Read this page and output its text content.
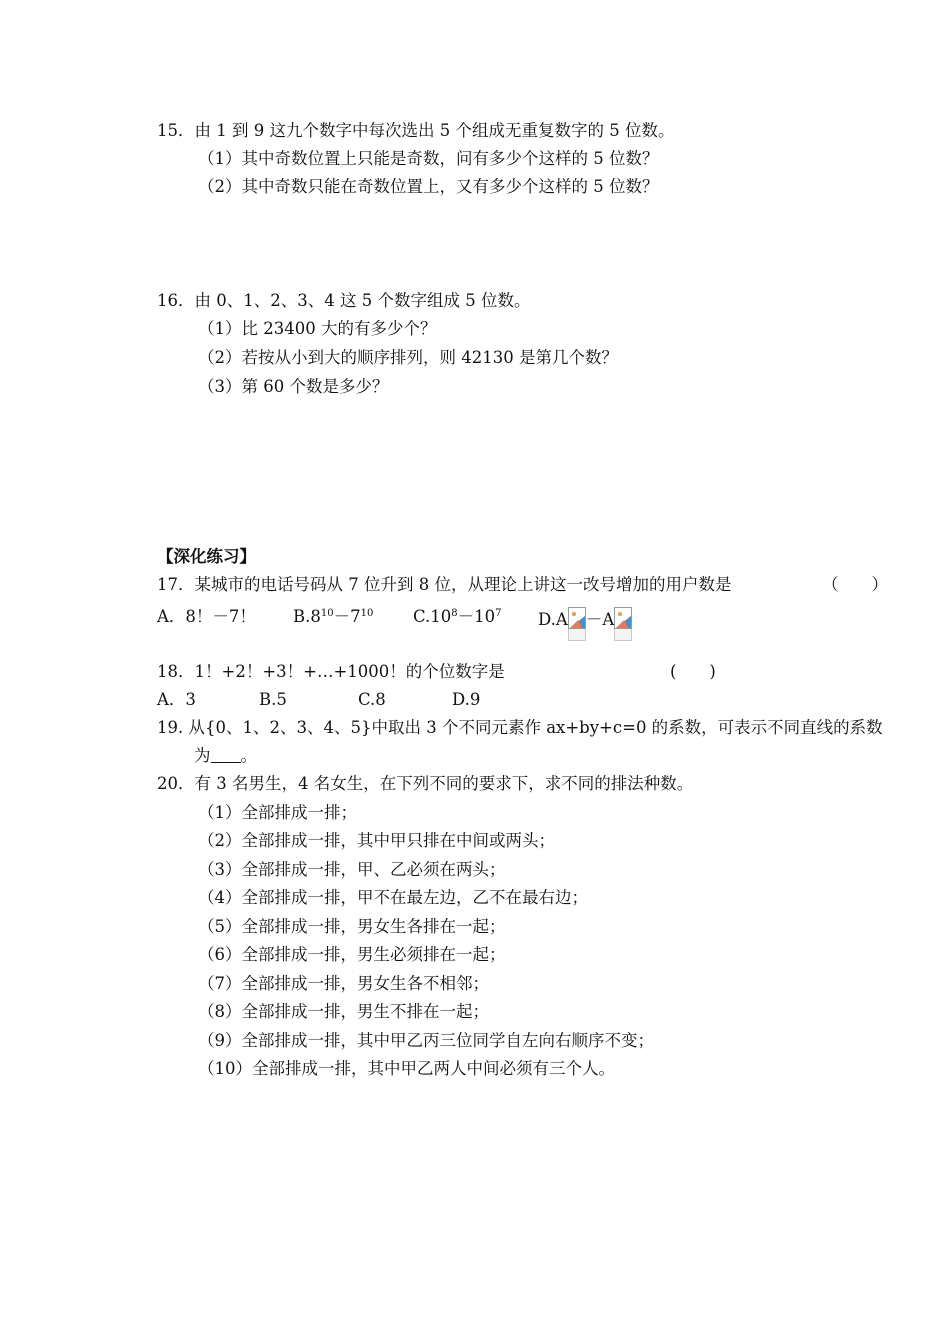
15．由 1 到 9 这九个数字中每次选出 5 个组成无重复数字的 5 位数。
（1）其中奇数位置上只能是奇数，问有多少个这样的 5 位数？
（2）其中奇数只能在奇数位置上，又有多少个这样的 5 位数？
16．由 0、1、2、3、4 这 5 个数字组成 5 位数。
（1）比 23400 大的有多少个？
（2）若按从小到大的顺序排列，则 42130 是第几个数？
（3）第 60 个数是多少？
【深化练习】
17．某城市的电话号码从 7 位升到 8 位，从理论上讲这一改号增加的用户数是	（　　）
A．8！－7！ $B.8^{10}-7^{10}$ $C.10^8-10^7$ D.A －A
18．1！+2！+3！+…+1000！的个位数字是	(　　)
A．3	B.5	C.8	D.9
19. 从{0、1、2、3、4、5}中取出 3 个不同元素作 ax+by+c=0 的系数，可表示不同直线的系数
为 。
20．有 3 名男生，4 名女生，在下列不同的要求下，求不同的排法种数。
（1）全部排成一排；
（2）全部排成一排，其中甲只排在中间或两头；
（3）全部排成一排，甲、乙必须在两头；
（4）全部排成一排，甲不在最左边，乙不在最右边；
（5）全部排成一排，男女生各排在一起；
（6）全部排成一排，男生必须排在一起；
（7）全部排成一排，男女生各不相邻；
（8）全部排成一排，男生不排在一起；
（9）全部排成一排，其中甲乙丙三位同学自左向右顺序不变；
（10）全部排成一排，其中甲乙两人中间必须有三个人。
